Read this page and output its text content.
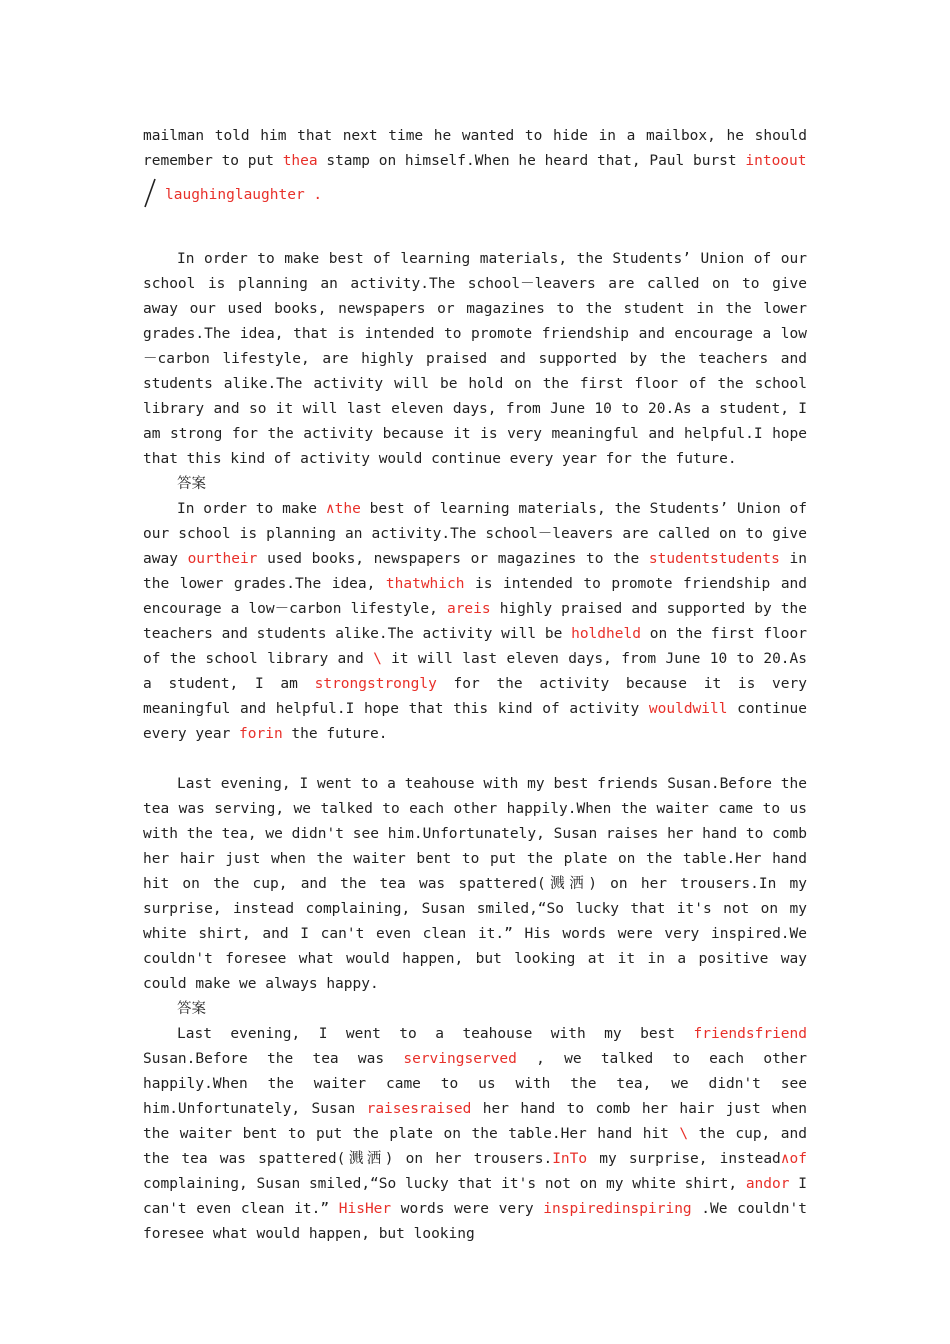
mailman told him that next time he wanted to hide in a mailbox, he should remember to put thea stamp on himself.When he heard that, Paul burst intoout

laughinglaughter .

In order to make best of learning materials, the Students’ Union of our school is planning an activity.The school－leavers are called on to give away our used books, newspapers or magazines to the student in the lower grades.The idea, that is intended to promote friendship and encourage a low－carbon lifestyle, are highly praised and supported by the teachers and students alike.The activity will be hold on the first floor of the school library and so it will last eleven days, from June 10 to 20.As a student, I am strong for the activity because it is very meaningful and helpful.I hope that this kind of activity would continue every year for the future.

答案

In order to make ∧the best of learning materials, the Students’ Union of our school is planning an activity.The school－leavers are called on to give away ourtheir used books, newspapers or magazines to the studentstudents in the lower grades.The idea, thatwhich is intended to promote friendship and encourage a low－carbon lifestyle, areis highly praised and supported by the teachers and students alike.The activity will be holdheld on the first floor of the school library and \ it will last eleven days, from June 10 to 20.As a student, I am strongstrongly for the activity because it is very meaningful and helpful.I hope that this kind of activity wouldwill continue every year forin the future.

Last evening, I went to a teahouse with my best friends Susan.Before the tea was serving, we talked to each other happily.When the waiter came to us with the tea, we didn't see him.Unfortunately, Susan raises her hand to comb her hair just when the waiter bent to put the plate on the table.Her hand hit on the cup, and the tea was spattered(溅洒) on her trousers.In my surprise, instead complaining, Susan smiled,“So lucky that it's not on my white shirt, and I can't even clean it.” His words were very inspired.We couldn't foresee what would happen, but looking at it in a positive way could make we always happy.

答案

Last evening, I went to a teahouse with my best friendsfriend Susan.Before the tea was servingserved , we talked to each other happily.When the waiter came to us with the tea, we didn't see him.Unfortunately, Susan raisesraised her hand to comb her hair just when the waiter bent to put the plate on the table.Her hand hit \ the cup, and the tea was spattered(溅洒) on her trousers.InTo my surprise, instead∧of complaining, Susan smiled,“So lucky that it's not on my white shirt, andor I can't even clean it.” HisHer words were very inspiredinspiring .We couldn't foresee what would happen, but looking
